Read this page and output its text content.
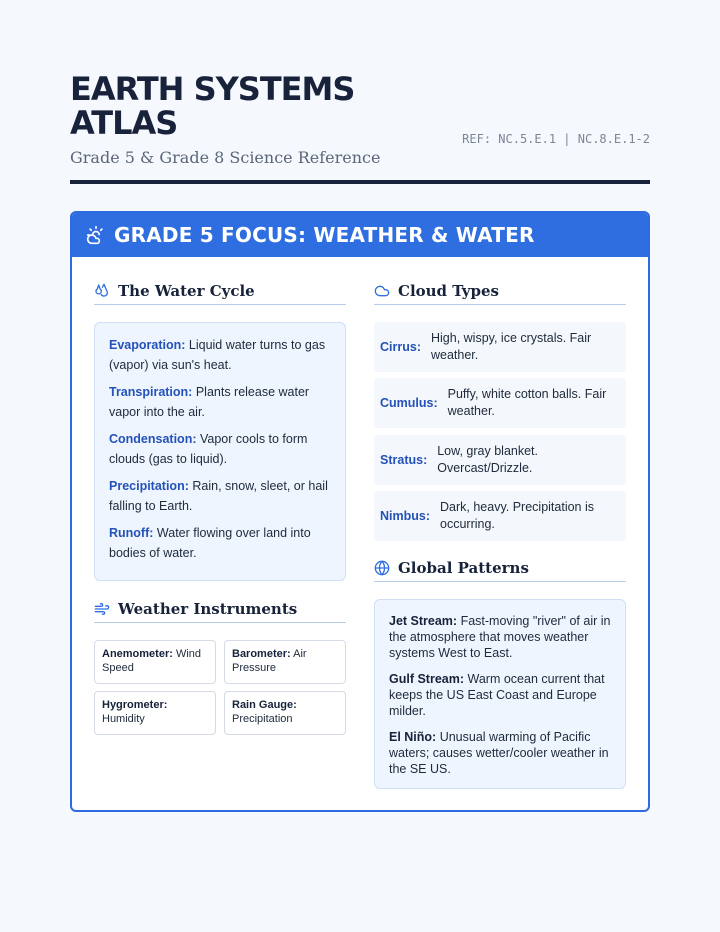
EARTH SYSTEMS ATLAS
Grade 5 & Grade 8 Science Reference
REF: NC.5.E.1 | NC.8.E.1-2
GRADE 5 FOCUS: WEATHER & WATER
The Water Cycle
Evaporation: Liquid water turns to gas (vapor) via sun's heat.
Transpiration: Plants release water vapor into the air.
Condensation: Vapor cools to form clouds (gas to liquid).
Precipitation: Rain, snow, sleet, or hail falling to Earth.
Runoff: Water flowing over land into bodies of water.
Weather Instruments
Anemometer: Wind Speed
Barometer: Air Pressure
Hygrometer: Humidity
Rain Gauge: Precipitation
Cloud Types
Cirrus:
High, wispy, ice crystals. Fair weather.
Cumulus:
Puffy, white cotton balls. Fair weather.
Stratus:
Low, gray blanket. Overcast/Drizzle.
Nimbus:
Dark, heavy. Precipitation is occurring.
Global Patterns
Jet Stream: Fast-moving "river" of air in the atmosphere that moves weather systems West to East.
Gulf Stream: Warm ocean current that keeps the US East Coast and Europe milder.
El Niño: Unusual warming of Pacific waters; causes wetter/cooler weather in the SE US.
